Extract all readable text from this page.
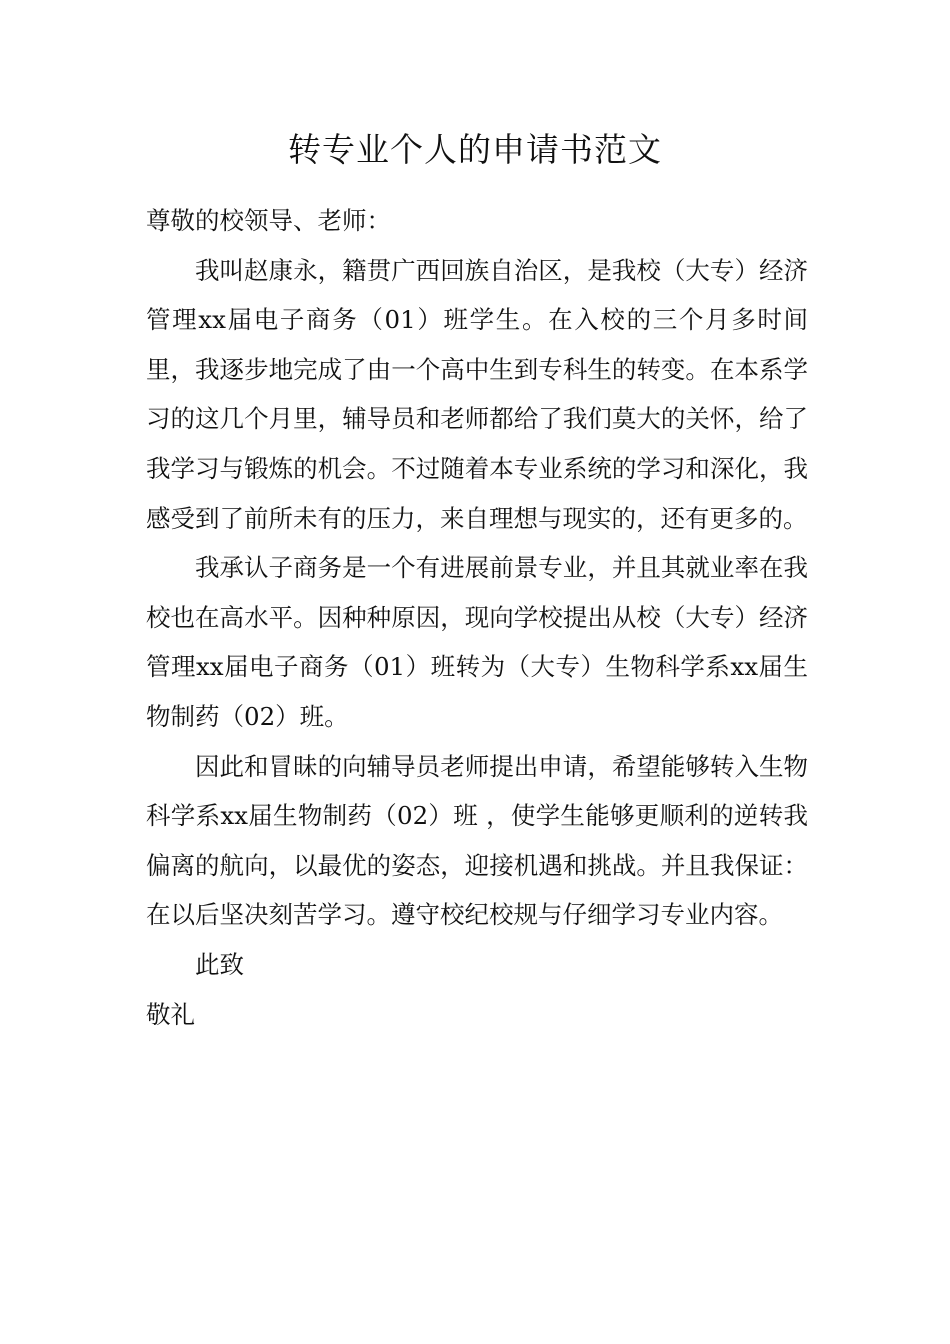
转专业个人的申请书范文

尊敬的校领导、老师：

我叫赵康永，籍贯广西回族自治区，是我校（大专）经济管理xx届电子商务（01）班学生。在入校的三个月多时间里，我逐步地完成了由一个高中生到专科生的转变。在本系学习的这几个月里，辅导员和老师都给了我们莫大的关怀，给了我学习与锻炼的机会。不过随着本专业系统的学习和深化，我感受到了前所未有的压力，来自理想与现实的，还有更多的。

我承认子商务是一个有进展前景专业，并且其就业率在我校也在高水平。因种种原因，现向学校提出从校（大专）经济管理xx届电子商务（01）班转为（大专）生物科学系xx届生物制药（02）班。

因此和冒昧的向辅导员老师提出申请，希望能够转入生物科学系xx届生物制药（02）班 ，使学生能够更顺利的逆转我偏离的航向，以最优的姿态，迎接机遇和挑战。并且我保证：在以后坚决刻苦学习。遵守校纪校规与仔细学习专业内容。

此致

敬礼
